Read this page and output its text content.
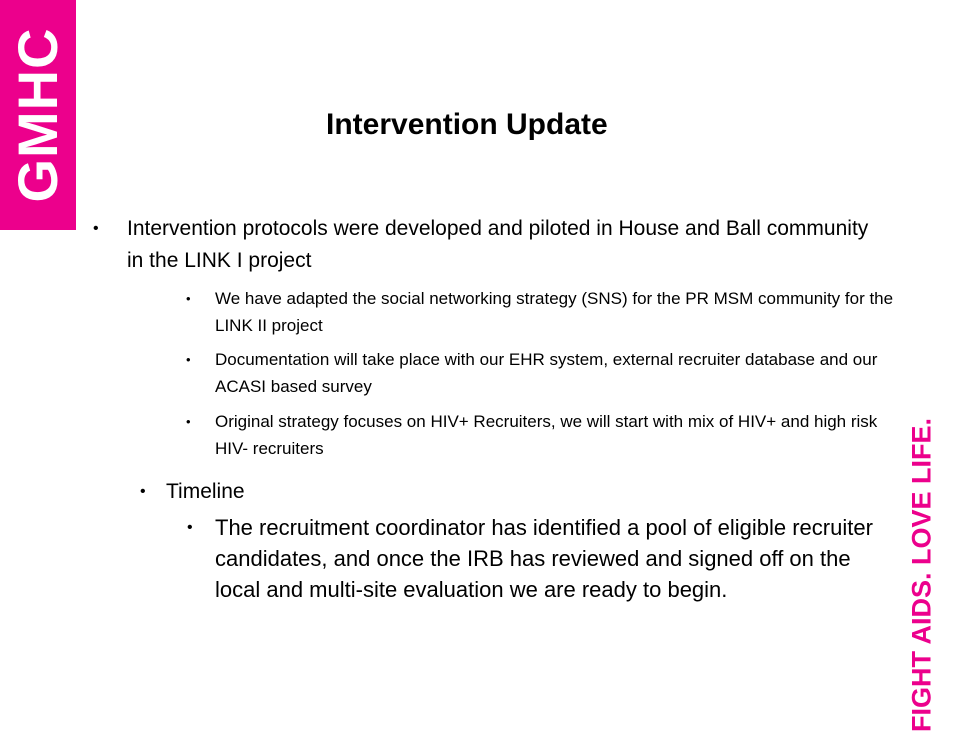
GMHC
FIGHT AIDS. LOVE LIFE.
Intervention Update
• Intervention protocols were developed and piloted in House and Ball community in the LINK I project
• We have adapted the social networking strategy (SNS) for the PR MSM community for the LINK II project
• Documentation will take place with our EHR system, external recruiter database and our ACASI based survey
• Original strategy focuses on HIV+ Recruiters, we will start with mix of HIV+ and high risk HIV- recruiters
• Timeline
• The recruitment coordinator has identified a pool of eligible recruiter candidates, and once the IRB has reviewed and signed off on the local and multi-site evaluation we are ready to begin.
